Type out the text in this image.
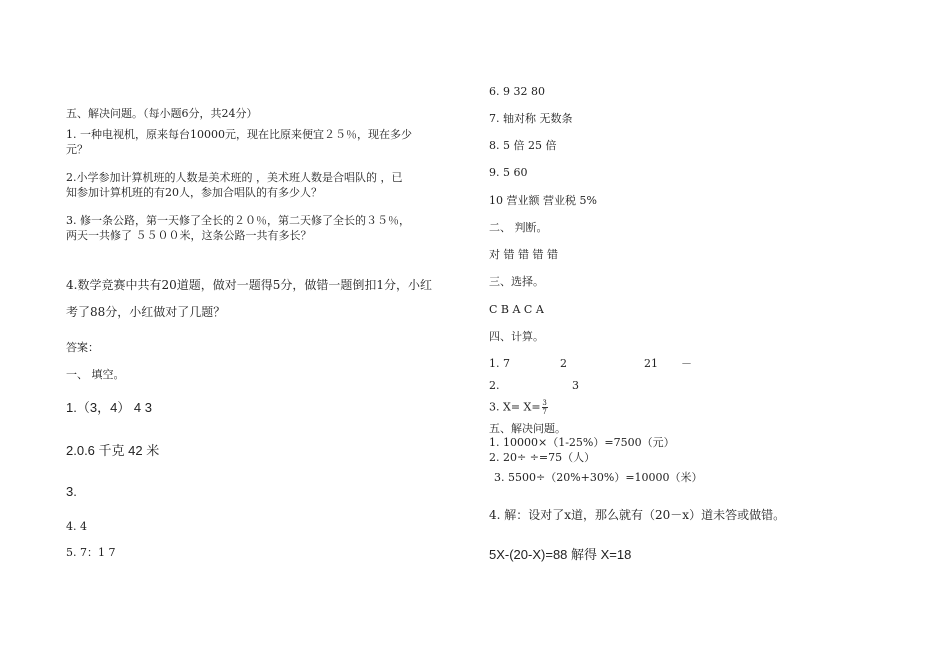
五、解决问题。（每小题6分，共24分）
1. 一种电视机，原来每台10000元，现在比原来便宜２５％，现在多少
元？
2.小学参加计算机班的人数是美术班的 ，美术班人数是合唱队的 ，已
知参加计算机班的有20人，参加合唱队的有多少人？
3. 修一条公路，第一天修了全长的２０％，第二天修了全长的３５％，
两天一共修了 ５５００米，这条公路一共有多长？
4.数学竞赛中共有20道题，做对一题得5分，做错一题倒扣1分，小红
考了88分，小红做对了几题？
答案：
一、 填空。
1.（3，4） 4 3
2.0.6 千克 42 米
3.
4. 4
5. 7：1 7
6. 9 32 80
7. 轴对称 无数条
8. 5 倍 25 倍
9. 5 60
10 营业额 营业税 5%
二、 判断。
对 错 错 错 错
三、选择。
C B A C A
四、计算。
1. 7	2	21 －
2.	3
3. $X= X= \frac{3}{7}$
五、解决问题。
1. 10000×（1-25%）=7500（元）
2. 20÷ ÷=75（人）
3. 5500÷（20%+30%）=10000（米）
4. 解：设对了x道，那么就有（20－x）道未答或做错。
5X-(20-X)=88 解得 X=18
